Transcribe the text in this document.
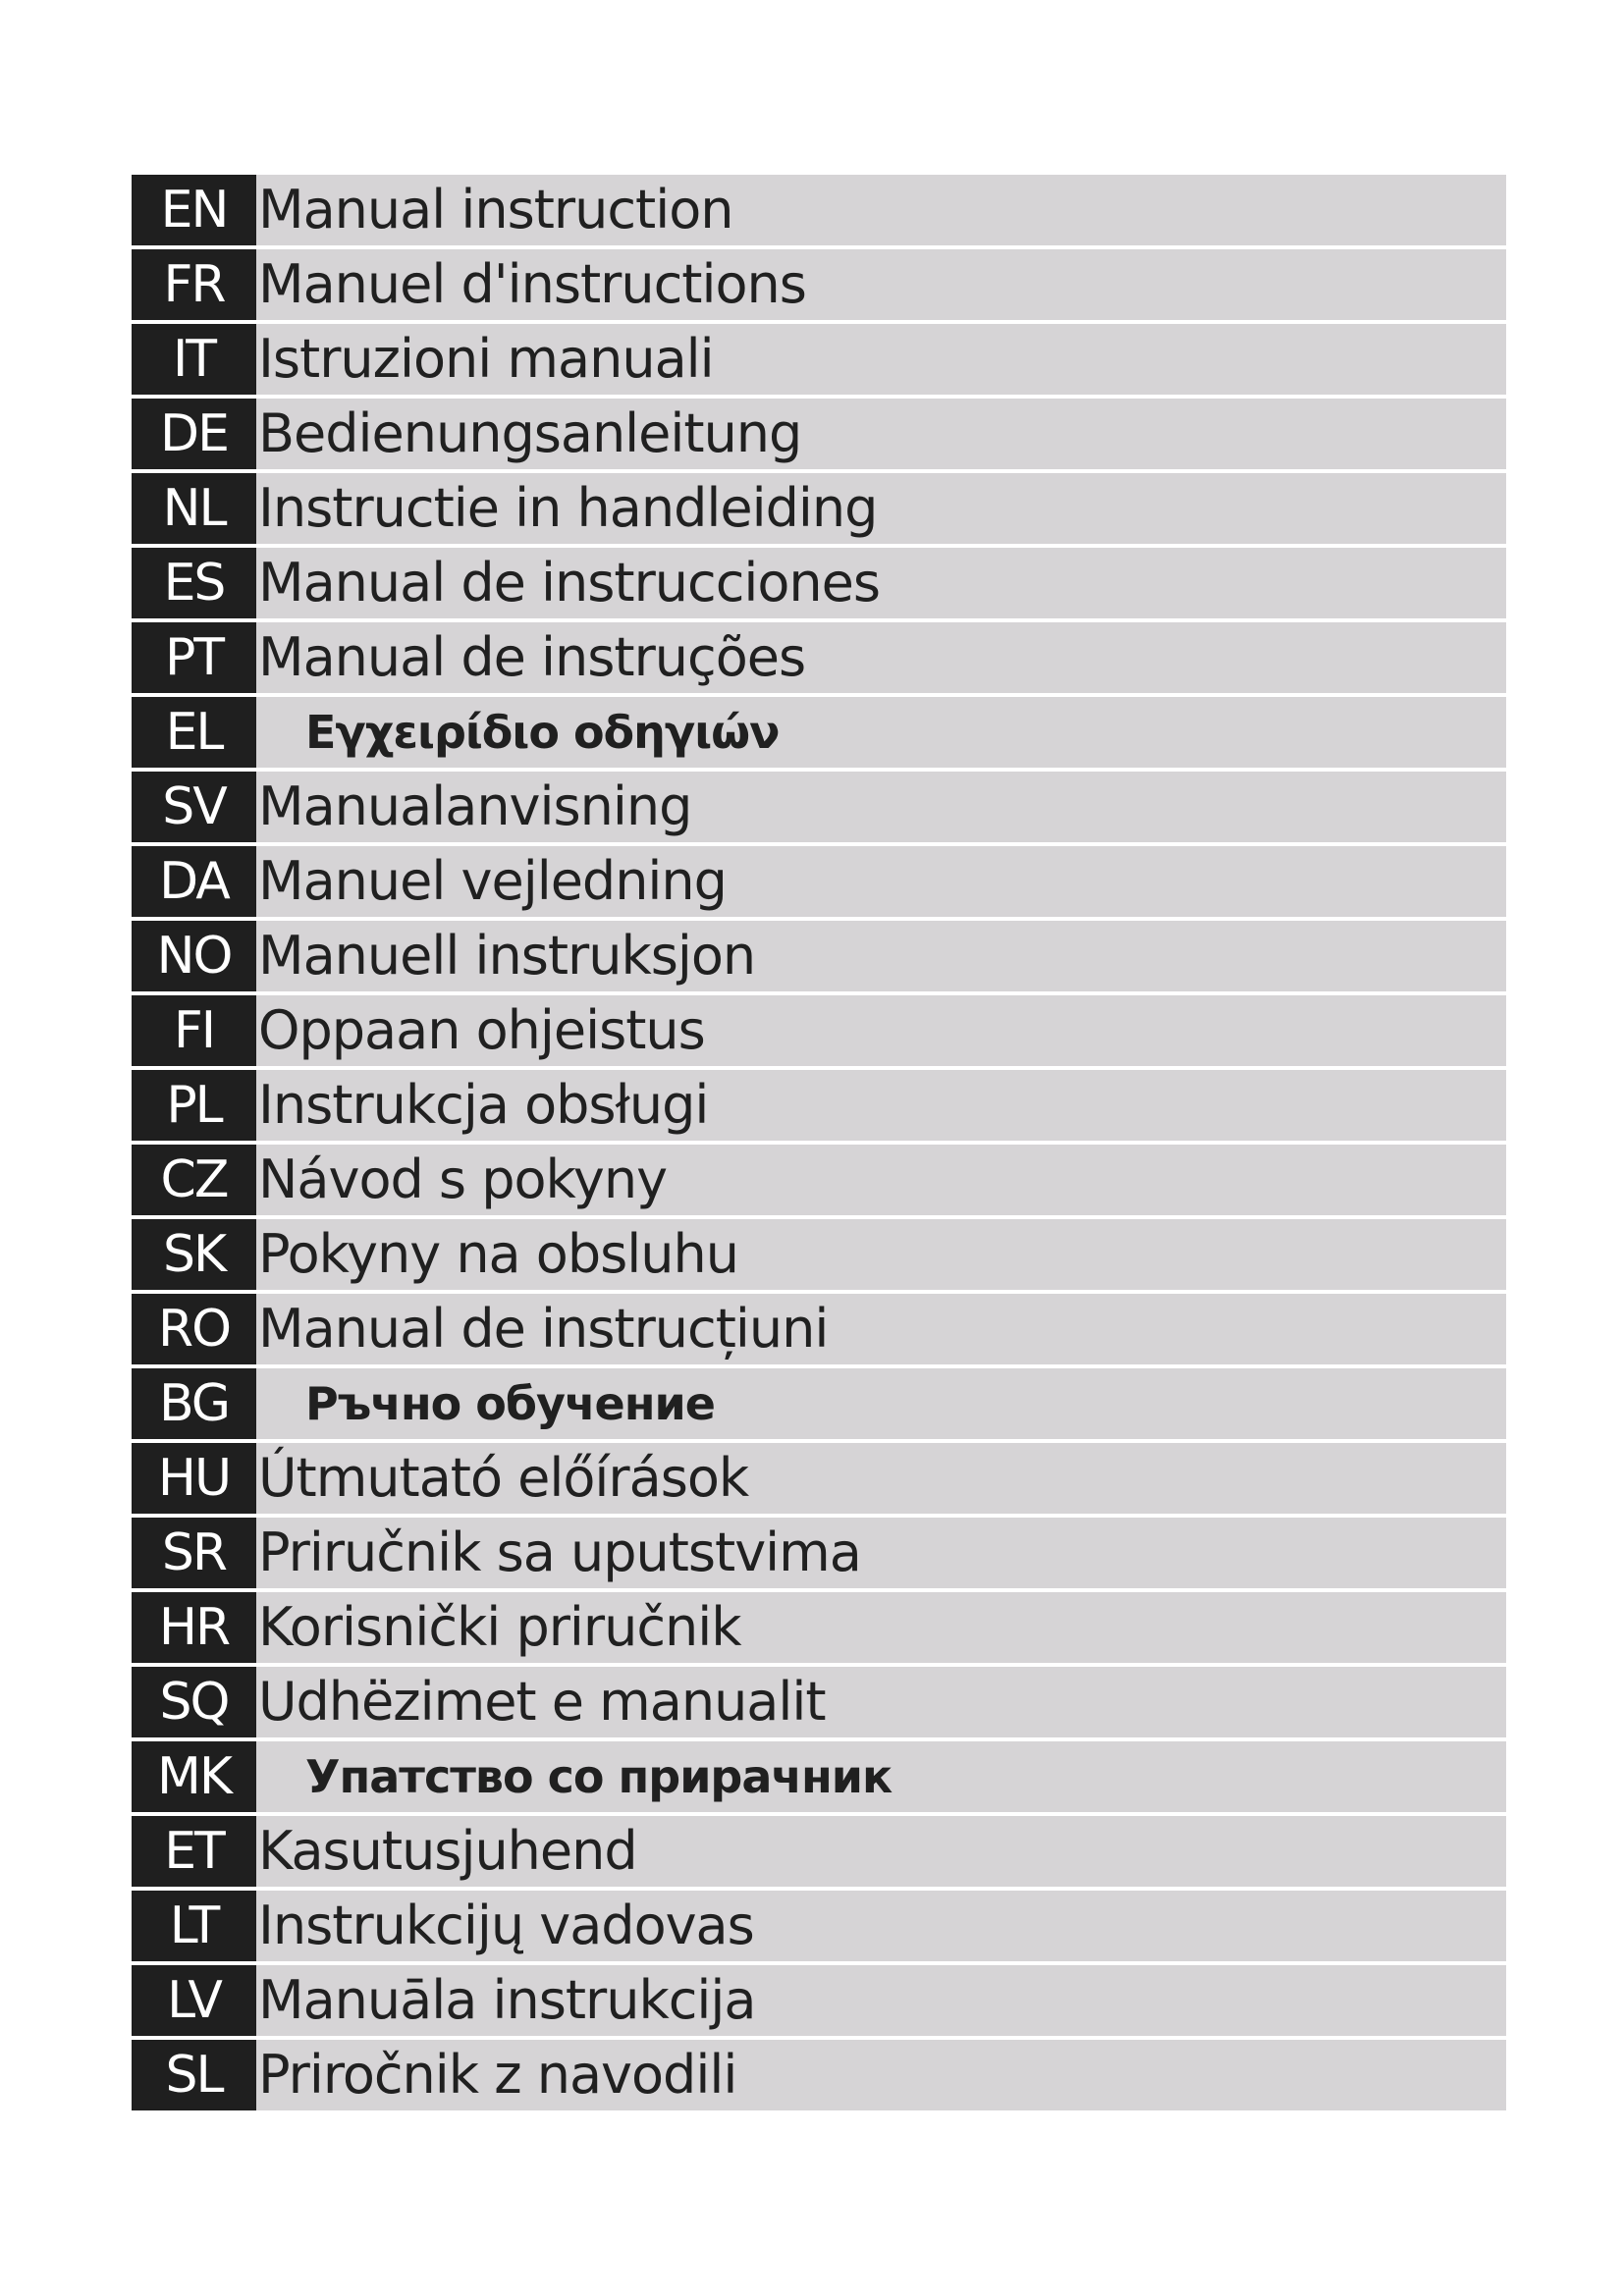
EN Manual instruction
FR Manuel d'instructions
IT Istruzioni manuali
DE Bedienungsanleitung
NL Instructie in handleiding
ES Manual de instrucciones
PT Manual de instruções
EL	Εγχειρίδιο οδηγιών
SV Manualanvisning
DA Manuel vejledning
NO Manuell instruksjon
FI Oppaan ohjeistus
PL Instrukcja obsługi
CZ Návod s pokyny
SK Pokyny na obsluhu
RO Manual de instrucțiuni
BG	Ръчно обучение
HU Útmutató előírások
SR Priručnik sa uputstvima
HR Korisnički priručnik
SQ Udhëzimet e manualit
MK	Упатство со прирачник
ET Kasutusjuhend
LT Instrukcijų vadovas
LV Manuāla instrukcija
SL Priročnik z navodili
